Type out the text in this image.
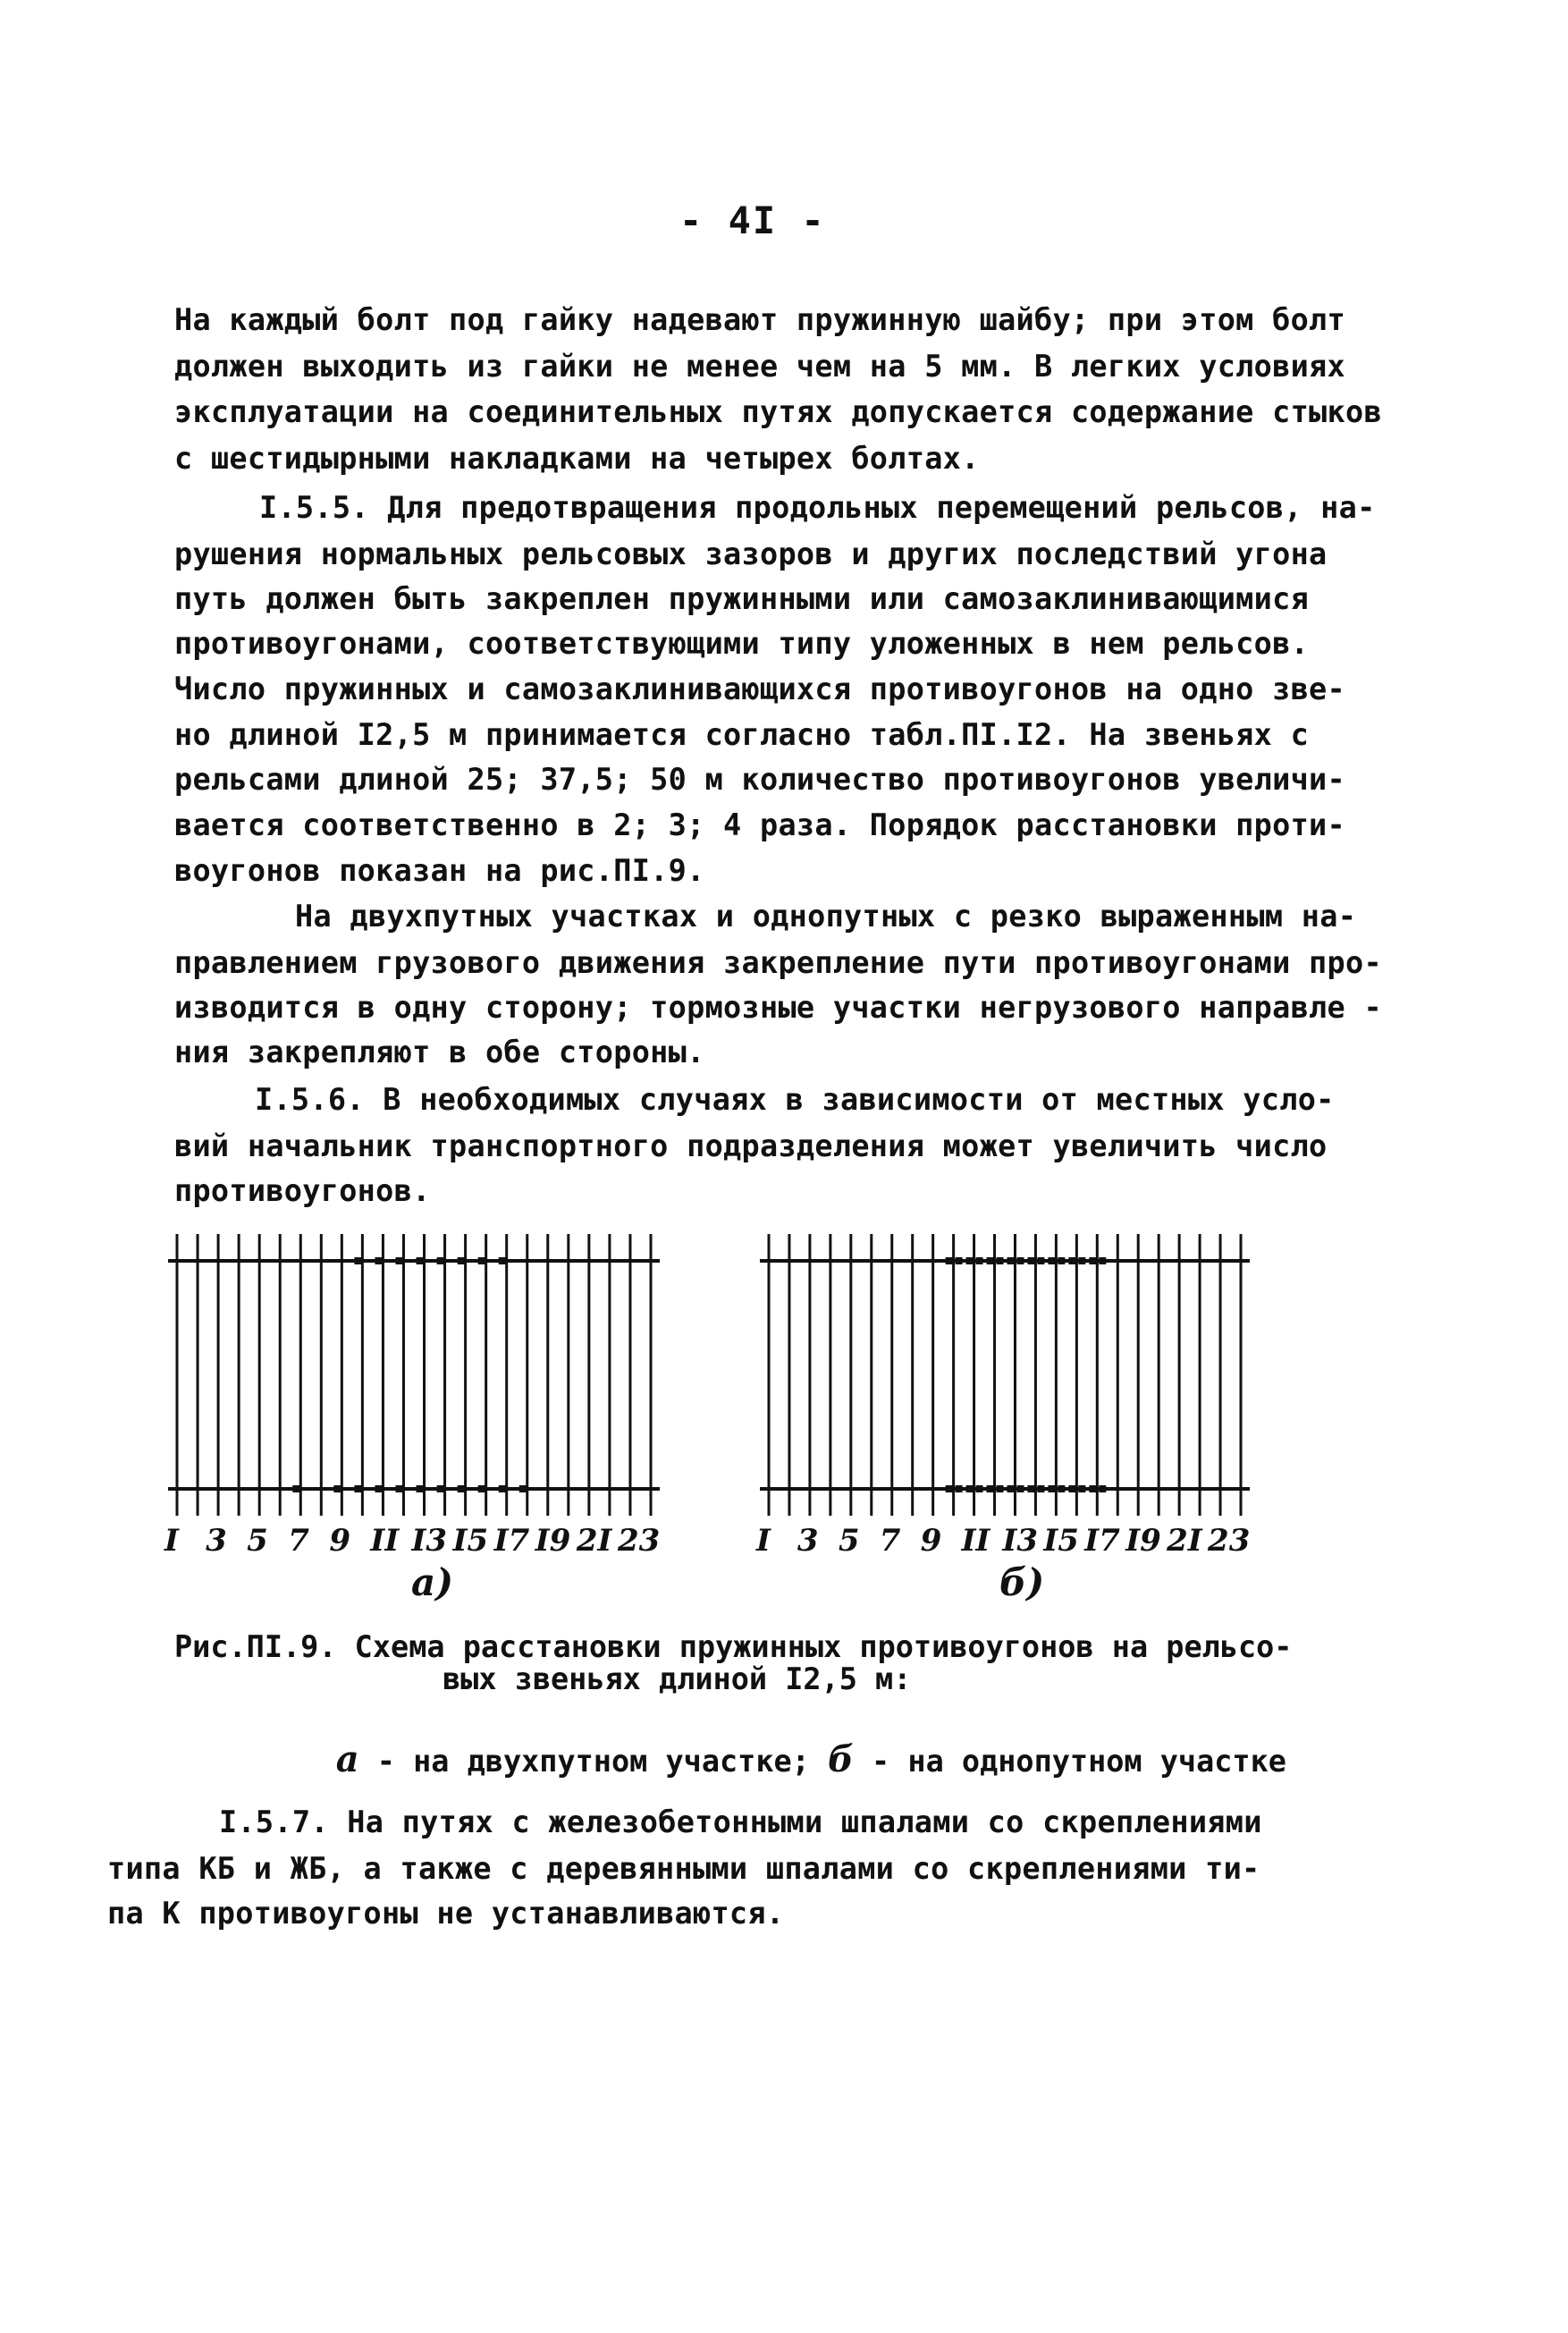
- 4I -
На каждый болт под гайку надевают пружинную шайбу; при этом болт
должен выходить из гайки не менее чем на 5 мм. В легких условиях
эксплуатации на соединительных путях допускается содержание стыков
с шестидырными накладками на четырех болтах.
I.5.5. Для предотвращения продольных перемещений рельсов, на-
рушения нормальных рельсовых зазоров и других последствий угона
путь должен быть закреплен пружинными или самозаклинивающимися
противоугонами, соответствующими типу уложенных в нем рельсов.
Число пружинных и самозаклинивающихся противоугонов на одно зве-
но длиной I2,5 м принимается согласно табл.ПI.I2. На звеньях с
рельсами длиной 25; 37,5; 50 м количество противоугонов увеличи-
вается соответственно в 2; 3; 4 раза. Порядок расстановки проти-
воугонов показан на рис.ПI.9.
На двухпутных участках и однопутных с резко выраженным на-
правлением грузового движения закрепление пути противоугонами про-
изводится в одну сторону; тормозные участки негрузового направле -
ния закрепляют в обе стороны.
I.5.6. В необходимых случаях в зависимости от местных усло-
вий начальник транспортного подразделения может увеличить число
противоугонов.
I 3 5 7 9 II I3 I5 I7 I9 2I 23	I 3 5 7 9 II I3 I5 I7 I9 2I 23
а)	б)
Рис.ПI.9. Схема расстановки пружинных противоугонов на рельсо-
вых звеньях длиной I2,5 м:

а - на двухпутном участке; б - на однопутном участке

I.5.7. На путях с железобетонными шпалами со скреплениями
типа КБ и ЖБ, а также с деревянными шпалами со скреплениями ти-
па К противоугоны не устанавливаются.
